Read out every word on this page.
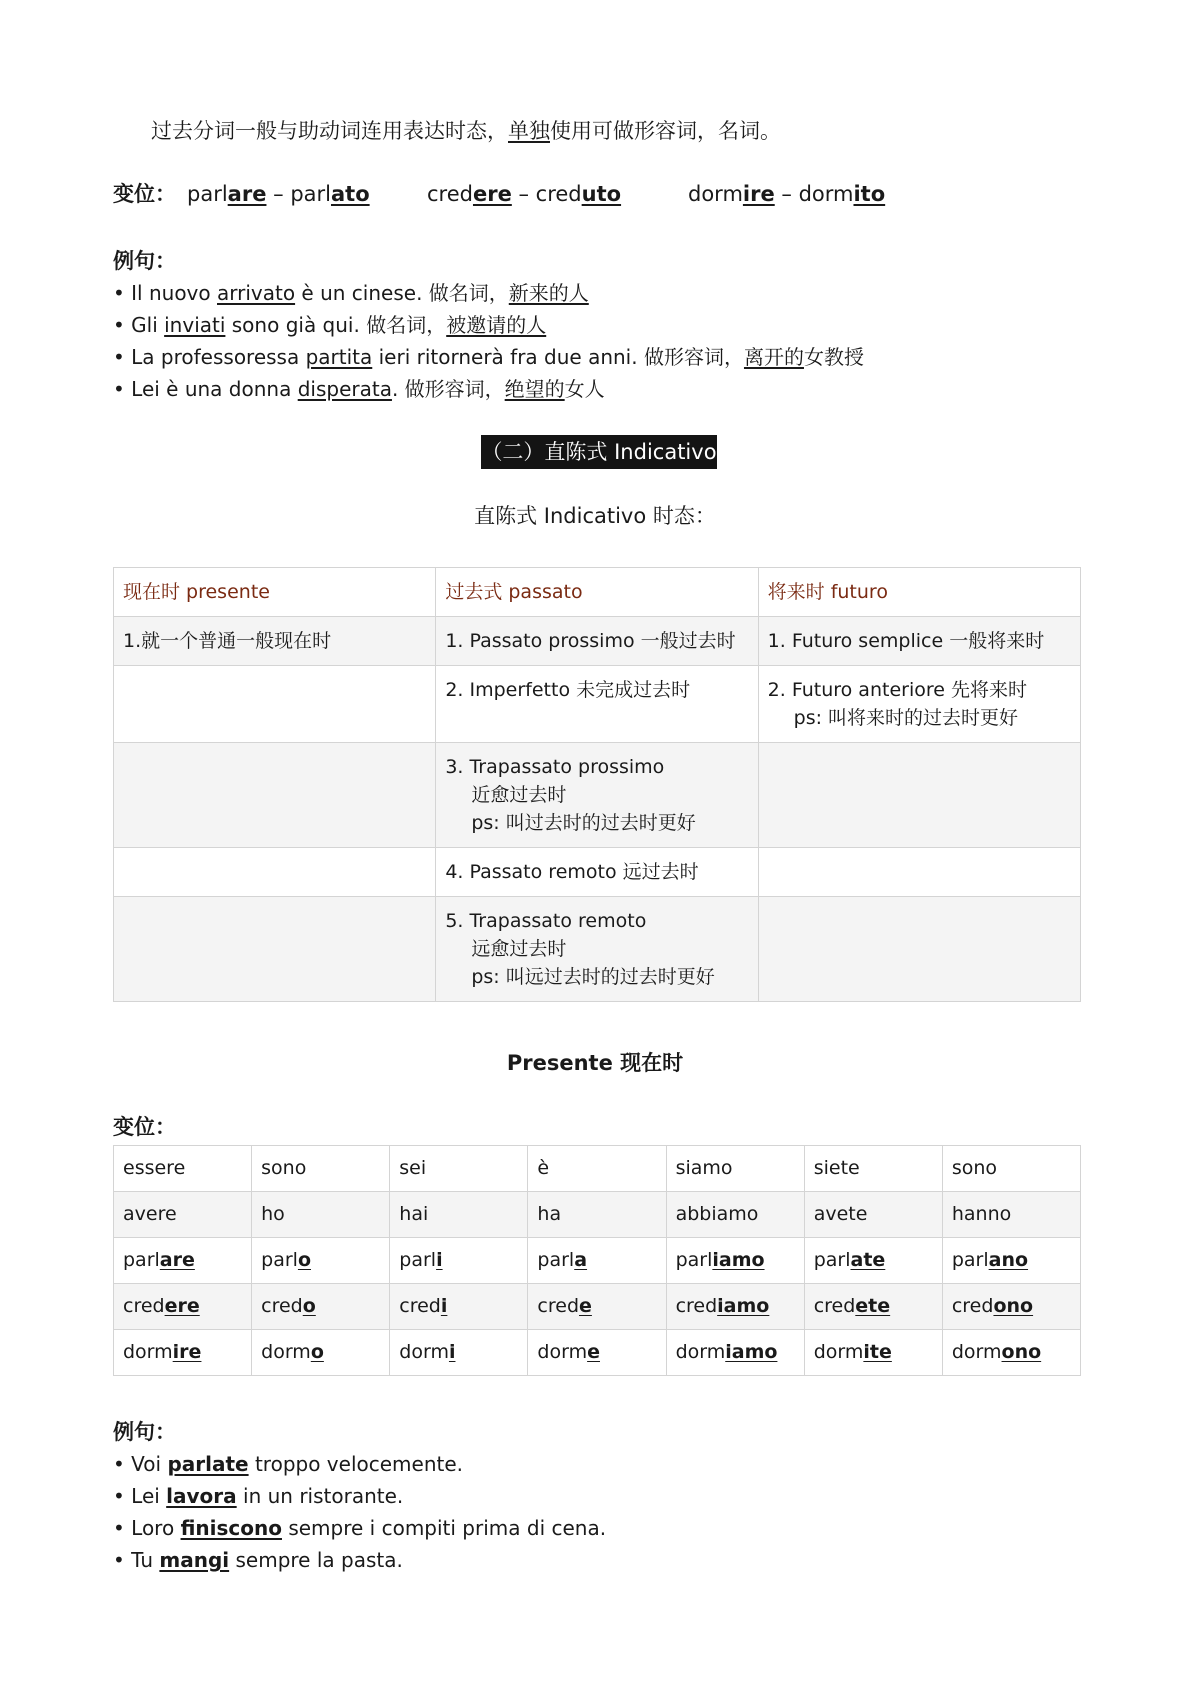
过去分词一般与助动词连用表达时态，单独使用可做形容词，名词。
变位： parlare – parlato	credere – creduto	dormire – dormito
例句：
• Il nuovo arrivato è un cinese. 做名词，新来的人
• Gli inviati sono già qui. 做名词，被邀请的人
• La professoressa partita ieri ritornerà fra due anni. 做形容词，离开的女教授
• Lei è una donna disperata. 做形容词，绝望的女人
（二）直陈式 Indicativo
直陈式 Indicativo 时态：
现在时 presente	过去式 passato	将来时 futuro
1.就一个普通一般现在时	1. Passato prossimo 一般过去时	1. Futuro semplice 一般将来时
	2. Imperfetto 未完成过去时	2. Futuro anteriore 先将来时
ps: 叫将来时的过去时更好

	3. Trapassato prossimo
近愈过去时
ps: 叫过去时的过去时更好	

	4. Passato remoto 远过去时	
	5. Trapassato remoto
远愈过去时
ps: 叫远过去时的过去时更好	

Presente 现在时
变位：
essere	sono	sei	è	siamo	siete	sono
avere	ho	hai	ha	abbiamo	avete	hanno
parlare	parlo	parli	parla	parliamo	parlate	parlano
credere	credo	credi	crede	crediamo	credete	credono
dormire	dormo	dormi	dorme	dormiamo	dormite	dormono
例句：
• Voi parlate troppo velocemente.
• Lei lavora in un ristorante.
• Loro finiscono sempre i compiti prima di cena.
• Tu mangi sempre la pasta.
